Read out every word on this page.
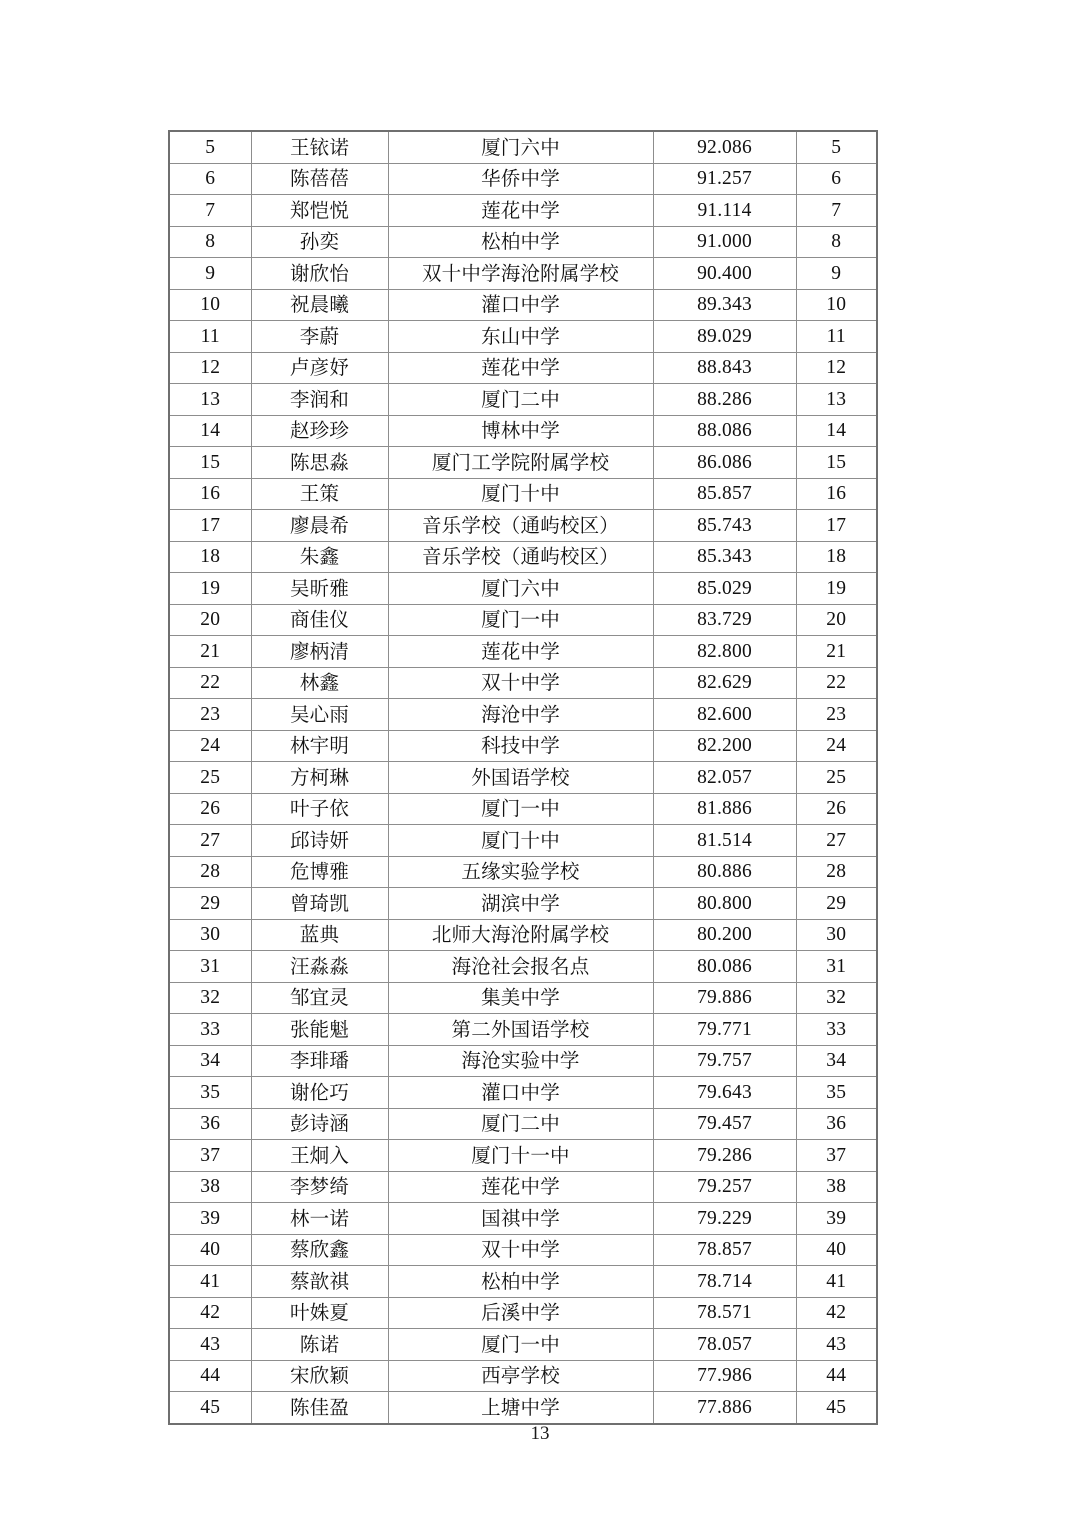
5	王铱诺	厦门六中	92.086	5
6	陈蓓蓓	华侨中学	91.257	6
7	郑恺悦	莲花中学	91.114	7
8	孙奕	松柏中学	91.000	8
9	谢欣怡	双十中学海沧附属学校	90.400	9
10	祝晨曦	灌口中学	89.343	10
11	李蔚	东山中学	89.029	11
12	卢彦妤	莲花中学	88.843	12
13	李润和	厦门二中	88.286	13
14	赵珍珍	博林中学	88.086	14
15	陈思淼	厦门工学院附属学校	86.086	15
16	王策	厦门十中	85.857	16
17	廖晨希	音乐学校（通屿校区）	85.743	17
18	朱鑫	音乐学校（通屿校区）	85.343	18
19	吴昕雅	厦门六中	85.029	19
20	商佳仪	厦门一中	83.729	20
21	廖柄清	莲花中学	82.800	21
22	林鑫	双十中学	82.629	22
23	吴心雨	海沧中学	82.600	23
24	林宇明	科技中学	82.200	24
25	方柯琳	外国语学校	82.057	25
26	叶子依	厦门一中	81.886	26
27	邱诗妍	厦门十中	81.514	27
28	危博雅	五缘实验学校	80.886	28
29	曾琦凯	湖滨中学	80.800	29
30	蓝典	北师大海沧附属学校	80.200	30
31	汪淼淼	海沧社会报名点	80.086	31
32	邹宜灵	集美中学	79.886	32
33	张能魁	第二外国语学校	79.771	33
34	李琲璠	海沧实验中学	79.757	34
35	谢伦巧	灌口中学	79.643	35
36	彭诗涵	厦门二中	79.457	36
37	王炯入	厦门十一中	79.286	37
38	李梦绮	莲花中学	79.257	38
39	林一诺	国祺中学	79.229	39
40	蔡欣鑫	双十中学	78.857	40
41	蔡歆祺	松柏中学	78.714	41
42	叶姝夏	后溪中学	78.571	42
43	陈诺	厦门一中	78.057	43
44	宋欣颖	西亭学校	77.986	44
45	陈佳盈	上塘中学	77.886	45
13
